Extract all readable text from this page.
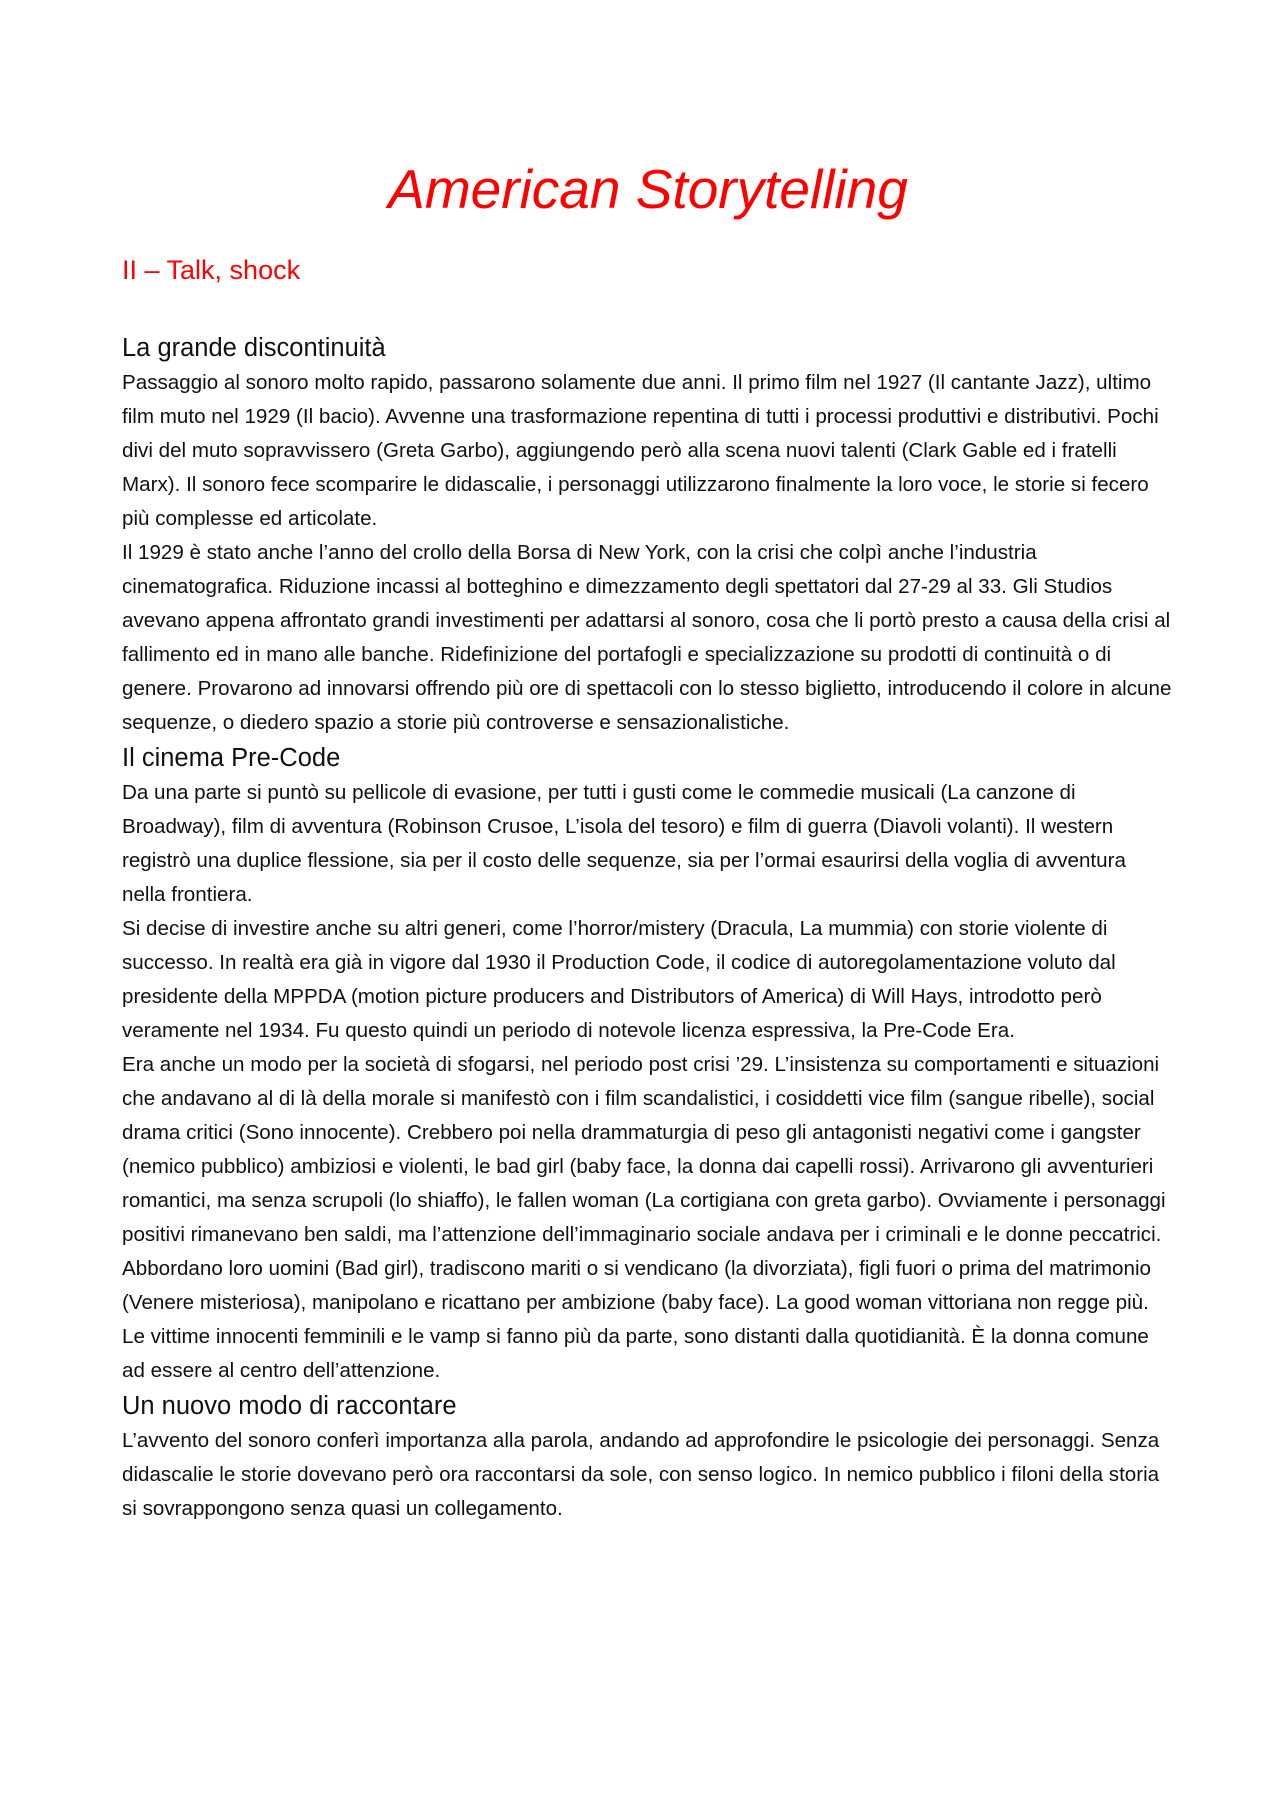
American Storytelling
II – Talk, shock
La grande discontinuità

Passaggio al sonoro molto rapido, passarono solamente due anni. Il primo film nel 1927 (Il cantante Jazz), ultimo film muto nel 1929 (Il bacio). Avvenne una trasformazione repentina di tutti i processi produttivi e distributivi. Pochi divi del muto sopravvissero (Greta Garbo), aggiungendo però alla scena nuovi talenti (Clark Gable ed i fratelli Marx). Il sonoro fece scomparire le didascalie, i personaggi utilizzarono finalmente la loro voce, le storie si fecero più complesse ed articolate.

Il 1929 è stato anche l’anno del crollo della Borsa di New York, con la crisi che colpì anche l’industria cinematografica. Riduzione incassi al botteghino e dimezzamento degli spettatori dal 27-29 al 33. Gli Studios avevano appena affrontato grandi investimenti per adattarsi al sonoro, cosa che li portò presto a causa della crisi al fallimento ed in mano alle banche. Ridefinizione del portafogli e specializzazione su prodotti di continuità o di genere. Provarono ad innovarsi offrendo più ore di spettacoli con lo stesso biglietto, introducendo il colore in alcune sequenze, o diedero spazio a storie più controverse e sensazionalistiche.

Il cinema Pre-Code

Da una parte si puntò su pellicole di evasione, per tutti i gusti come le commedie musicali (La canzone di Broadway), film di avventura (Robinson Crusoe, L’isola del tesoro) e film di guerra (Diavoli volanti). Il western registrò una duplice flessione, sia per il costo delle sequenze, sia per l’ormai esaurirsi della voglia di avventura nella frontiera.

Si decise di investire anche su altri generi, come l’horror/mistery (Dracula, La mummia) con storie violente di successo. In realtà era già in vigore dal 1930 il Production Code, il codice di autoregolamentazione voluto dal presidente della MPPDA (motion picture producers and Distributors of America) di Will Hays, introdotto però veramente nel 1934. Fu questo quindi un periodo di notevole licenza espressiva, la Pre-Code Era.

Era anche un modo per la società di sfogarsi, nel periodo post crisi ’29. L’insistenza su comportamenti e situazioni che andavano al di là della morale si manifestò con i film scandalistici, i cosiddetti vice film (sangue ribelle), social drama critici (Sono innocente). Crebbero poi nella drammaturgia di peso gli antagonisti negativi come i gangster (nemico pubblico) ambiziosi e violenti, le bad girl (baby face, la donna dai capelli rossi). Arrivarono gli avventurieri romantici, ma senza scrupoli (lo shiaffo), le fallen woman (La cortigiana con greta garbo). Ovviamente i personaggi positivi rimanevano ben saldi, ma l’attenzione dell’immaginario sociale andava per i criminali e le donne peccatrici. Abbordano loro uomini (Bad girl), tradiscono mariti o si vendicano (la divorziata), figli fuori o prima del matrimonio (Venere misteriosa), manipolano e ricattano per ambizione (baby face). La good woman vittoriana non regge più. Le vittime innocenti femminili e le vamp si fanno più da parte, sono distanti dalla quotidianità. È la donna comune ad essere al centro dell’attenzione.

Un nuovo modo di raccontare

L’avvento del sonoro conferì importanza alla parola, andando ad approfondire le psicologie dei personaggi. Senza didascalie le storie dovevano però ora raccontarsi da sole, con senso logico. In nemico pubblico i filoni della storia si sovrappongono senza quasi un collegamento.
